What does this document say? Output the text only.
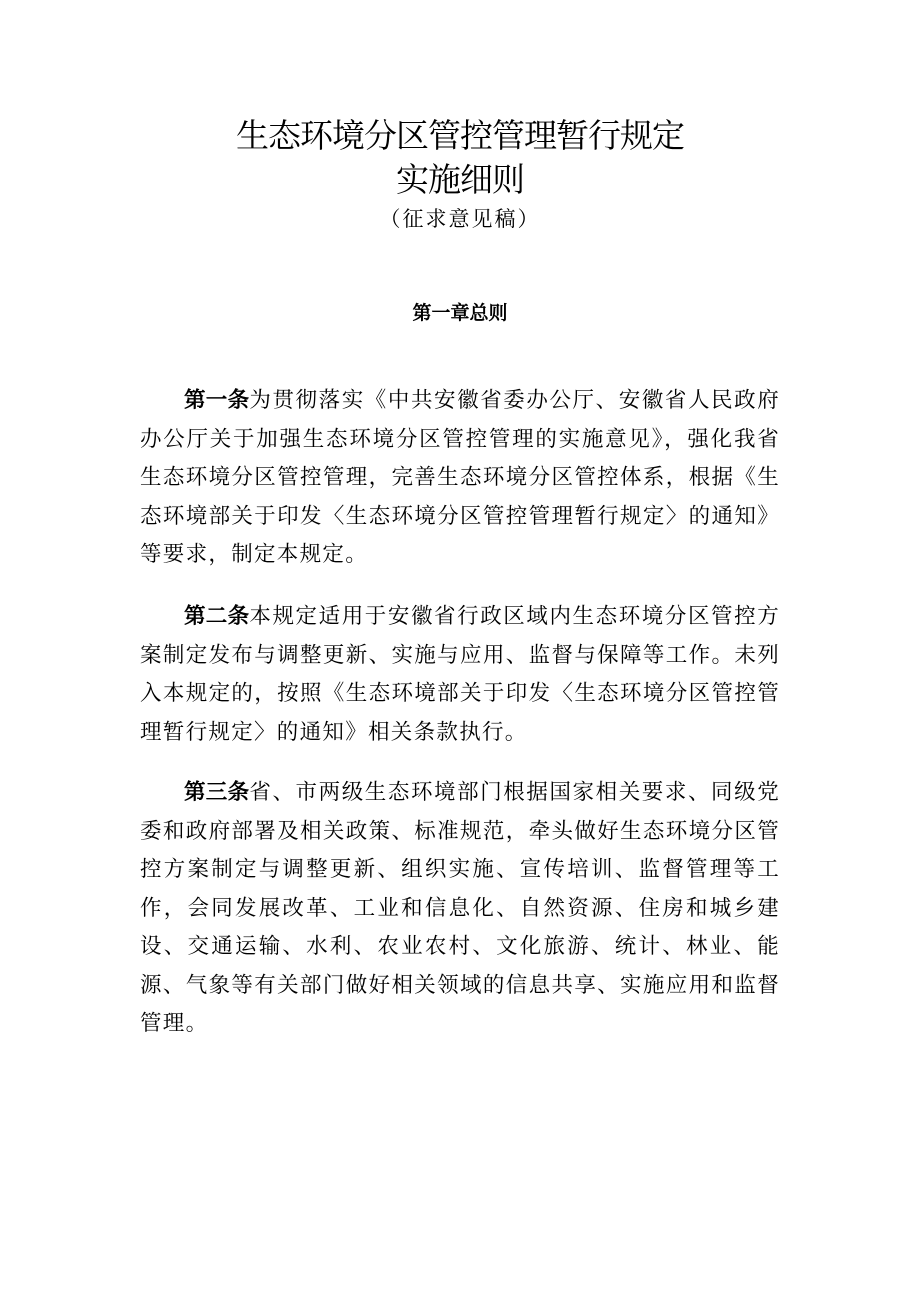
生态环境分区管控管理暂行规定
实施细则
（征求意见稿）
第一章总则

第一条为贯彻落实《中共安徽省委办公厅、安徽省人民政府办公厅关于加强生态环境分区管控管理的实施意见》，强化我省生态环境分区管控管理，完善生态环境分区管控体系，根据《生态环境部关于印发〈生态环境分区管控管理暂行规定〉的通知》等要求，制定本规定。

第二条本规定适用于安徽省行政区域内生态环境分区管控方案制定发布与调整更新、实施与应用、监督与保障等工作。未列入本规定的，按照《生态环境部关于印发〈生态环境分区管控管理暂行规定〉的通知》相关条款执行。

第三条省、市两级生态环境部门根据国家相关要求、同级党委和政府部署及相关政策、标准规范，牵头做好生态环境分区管控方案制定与调整更新、组织实施、宣传培训、监督管理等工作，会同发展改革、工业和信息化、自然资源、住房和城乡建设、交通运输、水利、农业农村、文化旅游、统计、林业、能源、气象等有关部门做好相关领域的信息共享、实施应用和监督管理。
